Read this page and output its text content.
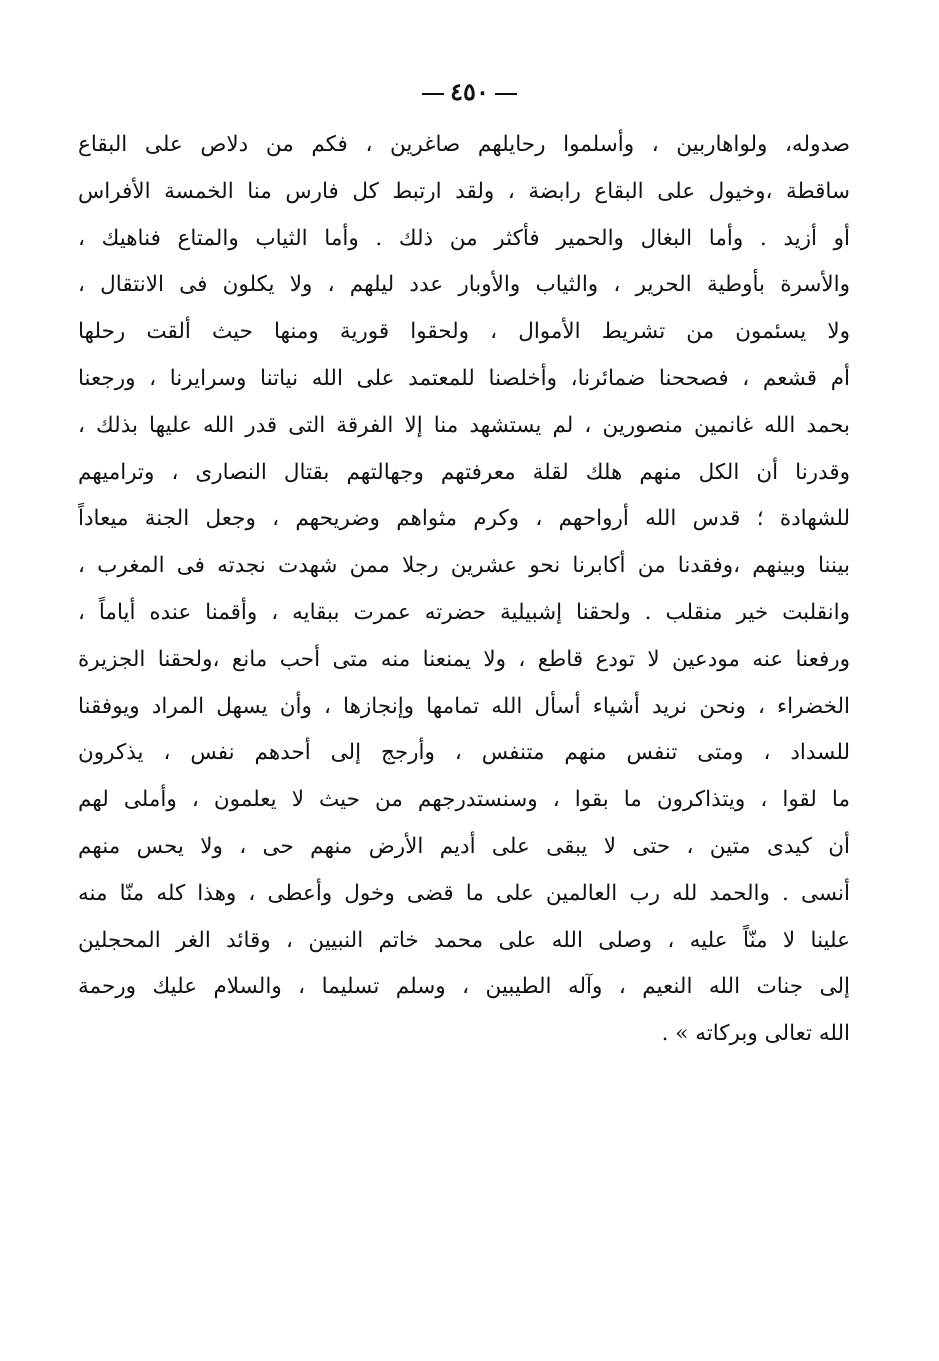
٤٥٠
صدوله، ولواهاربين ، وأسلموا رحايلهم صاغرين ، فكم من دلاص على البقاع
ساقطة ،وخيول على البقاع رابضة ، ولقد ارتبط كل فارس منا الخمسة الأفراس
أو أزيد . وأما البغال والحمير فأكثر من ذلك . وأما الثياب والمتاع فناهيك ،
والأسرة بأوطية الحرير ، والثياب والأوبار عدد ليلهم ، ولا يكلون فى الانتقال ،
ولا يسئمون من تشريط الأموال ، ولحقوا قورية ومنها حيث ألقت رحلها
أم قشعم ، فصححنا ضمائرنا، وأخلصنا للمعتمد على الله نياتنا وسرايرنا ، ورجعنا
بحمد الله غانمين منصورين ، لم يستشهد منا إلا الفرقة التى قدر الله عليها بذلك ،
وقدرنا أن الكل منهم هلك لقلة معرفتهم وجهالتهم بقتال النصارى ، وتراميهم
للشهادة ؛ قدس الله أرواحهم ، وكرم مثواهم وضريحهم ، وجعل الجنة ميعاداً
بيننا وبينهم ،وفقدنا من أكابرنا نحو عشرين رجلا ممن شهدت نجدته فى المغرب ،
وانقلبت خير منقلب . ولحقنا إشبيلية حضرته عمرت ببقايه ، وأقمنا عنده أياماً ،
ورفعنا عنه مودعين لا تودع قاطع ، ولا يمنعنا منه متى أحب مانع ،ولحقنا الجزيرة
الخضراء ، ونحن نريد أشياء أسأل الله تمامها وإنجازها ، وأن يسهل المراد ويوفقنا
للسداد ، ومتى تنفس منهم متنفس ، وأرجج إلى أحدهم نفس ، يذكرون
ما لقوا ، ويتذاكرون ما بقوا ، وسنستدرجهم من حيث لا يعلمون ، وأملى لهم
أن كيدى متين ، حتى لا يبقى على أديم الأرض منهم حى ، ولا يحس منهم
أنسى . والحمد لله رب العالمين على ما قضى وخول وأعطى ، وهذا كله منّا منه
علينا لا منّاً عليه ، وصلى الله على محمد خاتم النبيين ، وقائد الغر المحجلين
إلى جنات الله النعيم ، وآله الطيبين ، وسلم تسليما ، والسلام عليك ورحمة
الله تعالى وبركاته » .
